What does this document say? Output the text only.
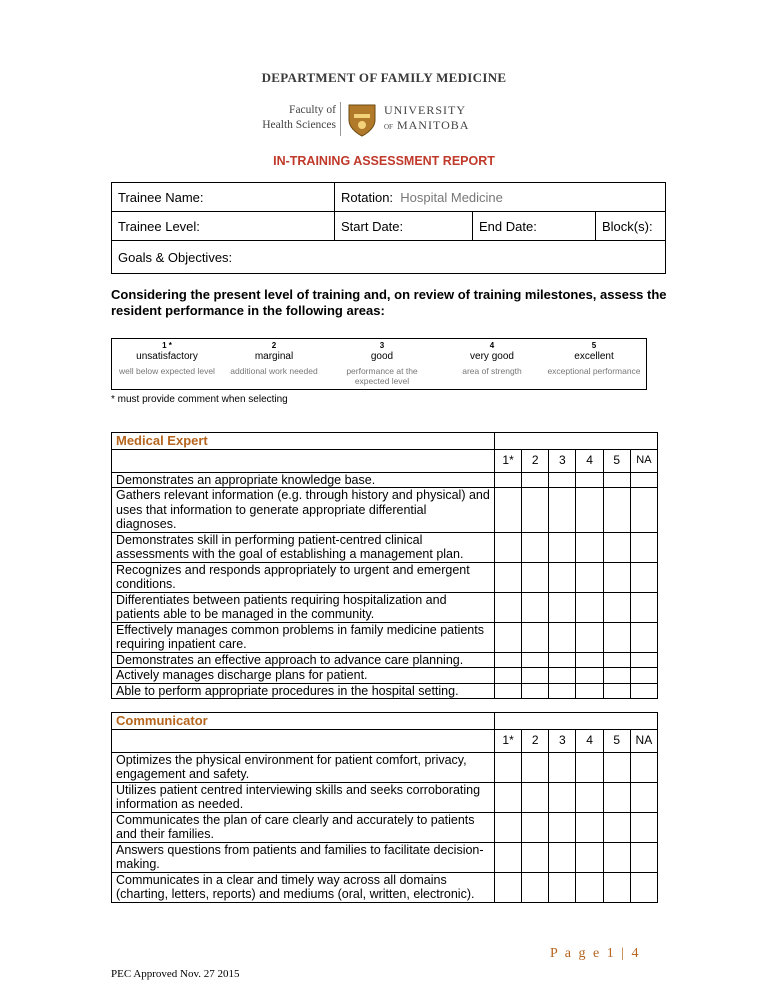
DEPARTMENT OF FAMILY MEDICINE
Faculty of
Health Sciences
UNIVERSITY
OF MANITOBA
IN-TRAINING ASSESSMENT REPORT
Trainee Name:	Rotation: Hospital Medicine		
Trainee Level:	Start Date:	End Date:	Block(s):
Goals & Objectives:			
Considering the present level of training and, on review of training milestones, assess the resident performance in the following areas:
1 *
unsatisfactory
well below expected level
2
marginal
additional work needed
3
good
performance at the expected level
4
very good
area of strength
5
excellent
exceptional performance
* must provide comment when selecting
Medical Expert						
	1*	2	3	4	5	NA
Demonstrates an appropriate knowledge base.						
Gathers relevant information (e.g. through history and physical) and uses that information to generate appropriate differential diagnoses.						
Demonstrates skill in performing patient-centred clinical assessments with the goal of establishing a management plan.						
Recognizes and responds appropriately to urgent and emergent conditions.						
Differentiates between patients requiring hospitalization and patients able to be managed in the community.						
Effectively manages common problems in family medicine patients requiring inpatient care.						
Demonstrates an effective approach to advance care planning.						
Actively manages discharge plans for patient.						
Able to perform appropriate procedures in the hospital setting.						
Communicator						
	1*	2	3	4	5	NA
Optimizes the physical environment for patient comfort, privacy, engagement and safety.						
Utilizes patient centred interviewing skills and seeks corroborating information as needed.						
Communicates the plan of care clearly and accurately to patients and their families.						
Answers questions from patients and families to facilitate decision-making.						
Communicates in a clear and timely way across all domains (charting, letters, reports) and mediums (oral, written, electronic).						
P a g e 1 | 4
PEC Approved Nov. 27 2015
